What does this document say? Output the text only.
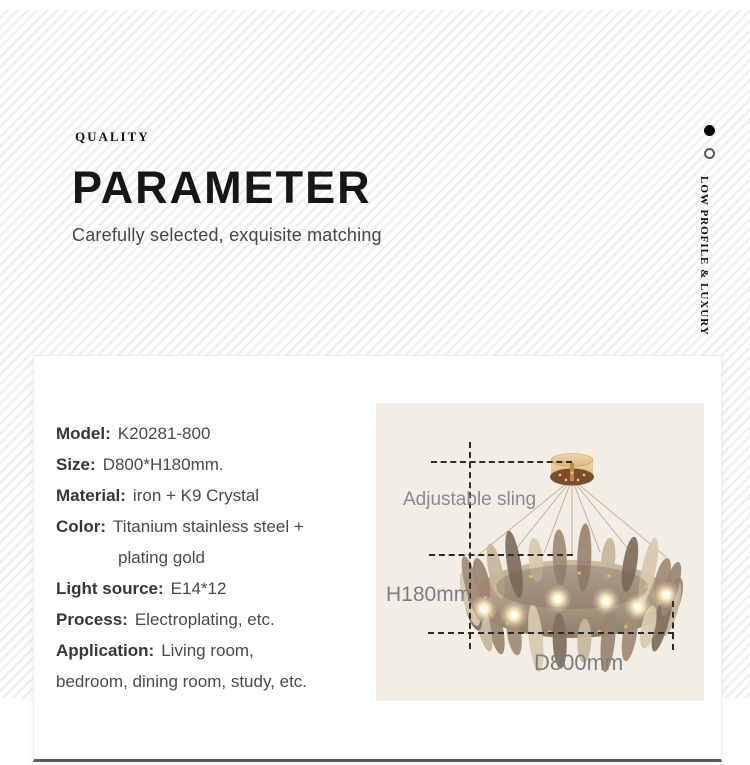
QUALITY
PARAMETER
Carefully selected, exquisite matching	LOW PROFILE & LUXURY
Model: K20281-800
Size: D800*H180mm.
Material: iron + K9 Crystal
Color: Titanium stainless steel +
plating gold
Light source: E14*12
Process: Electroplating, etc.
Application: Living room,
bedroom, dining room, study, etc.
Adjustable sling
H180mm
D800mm
